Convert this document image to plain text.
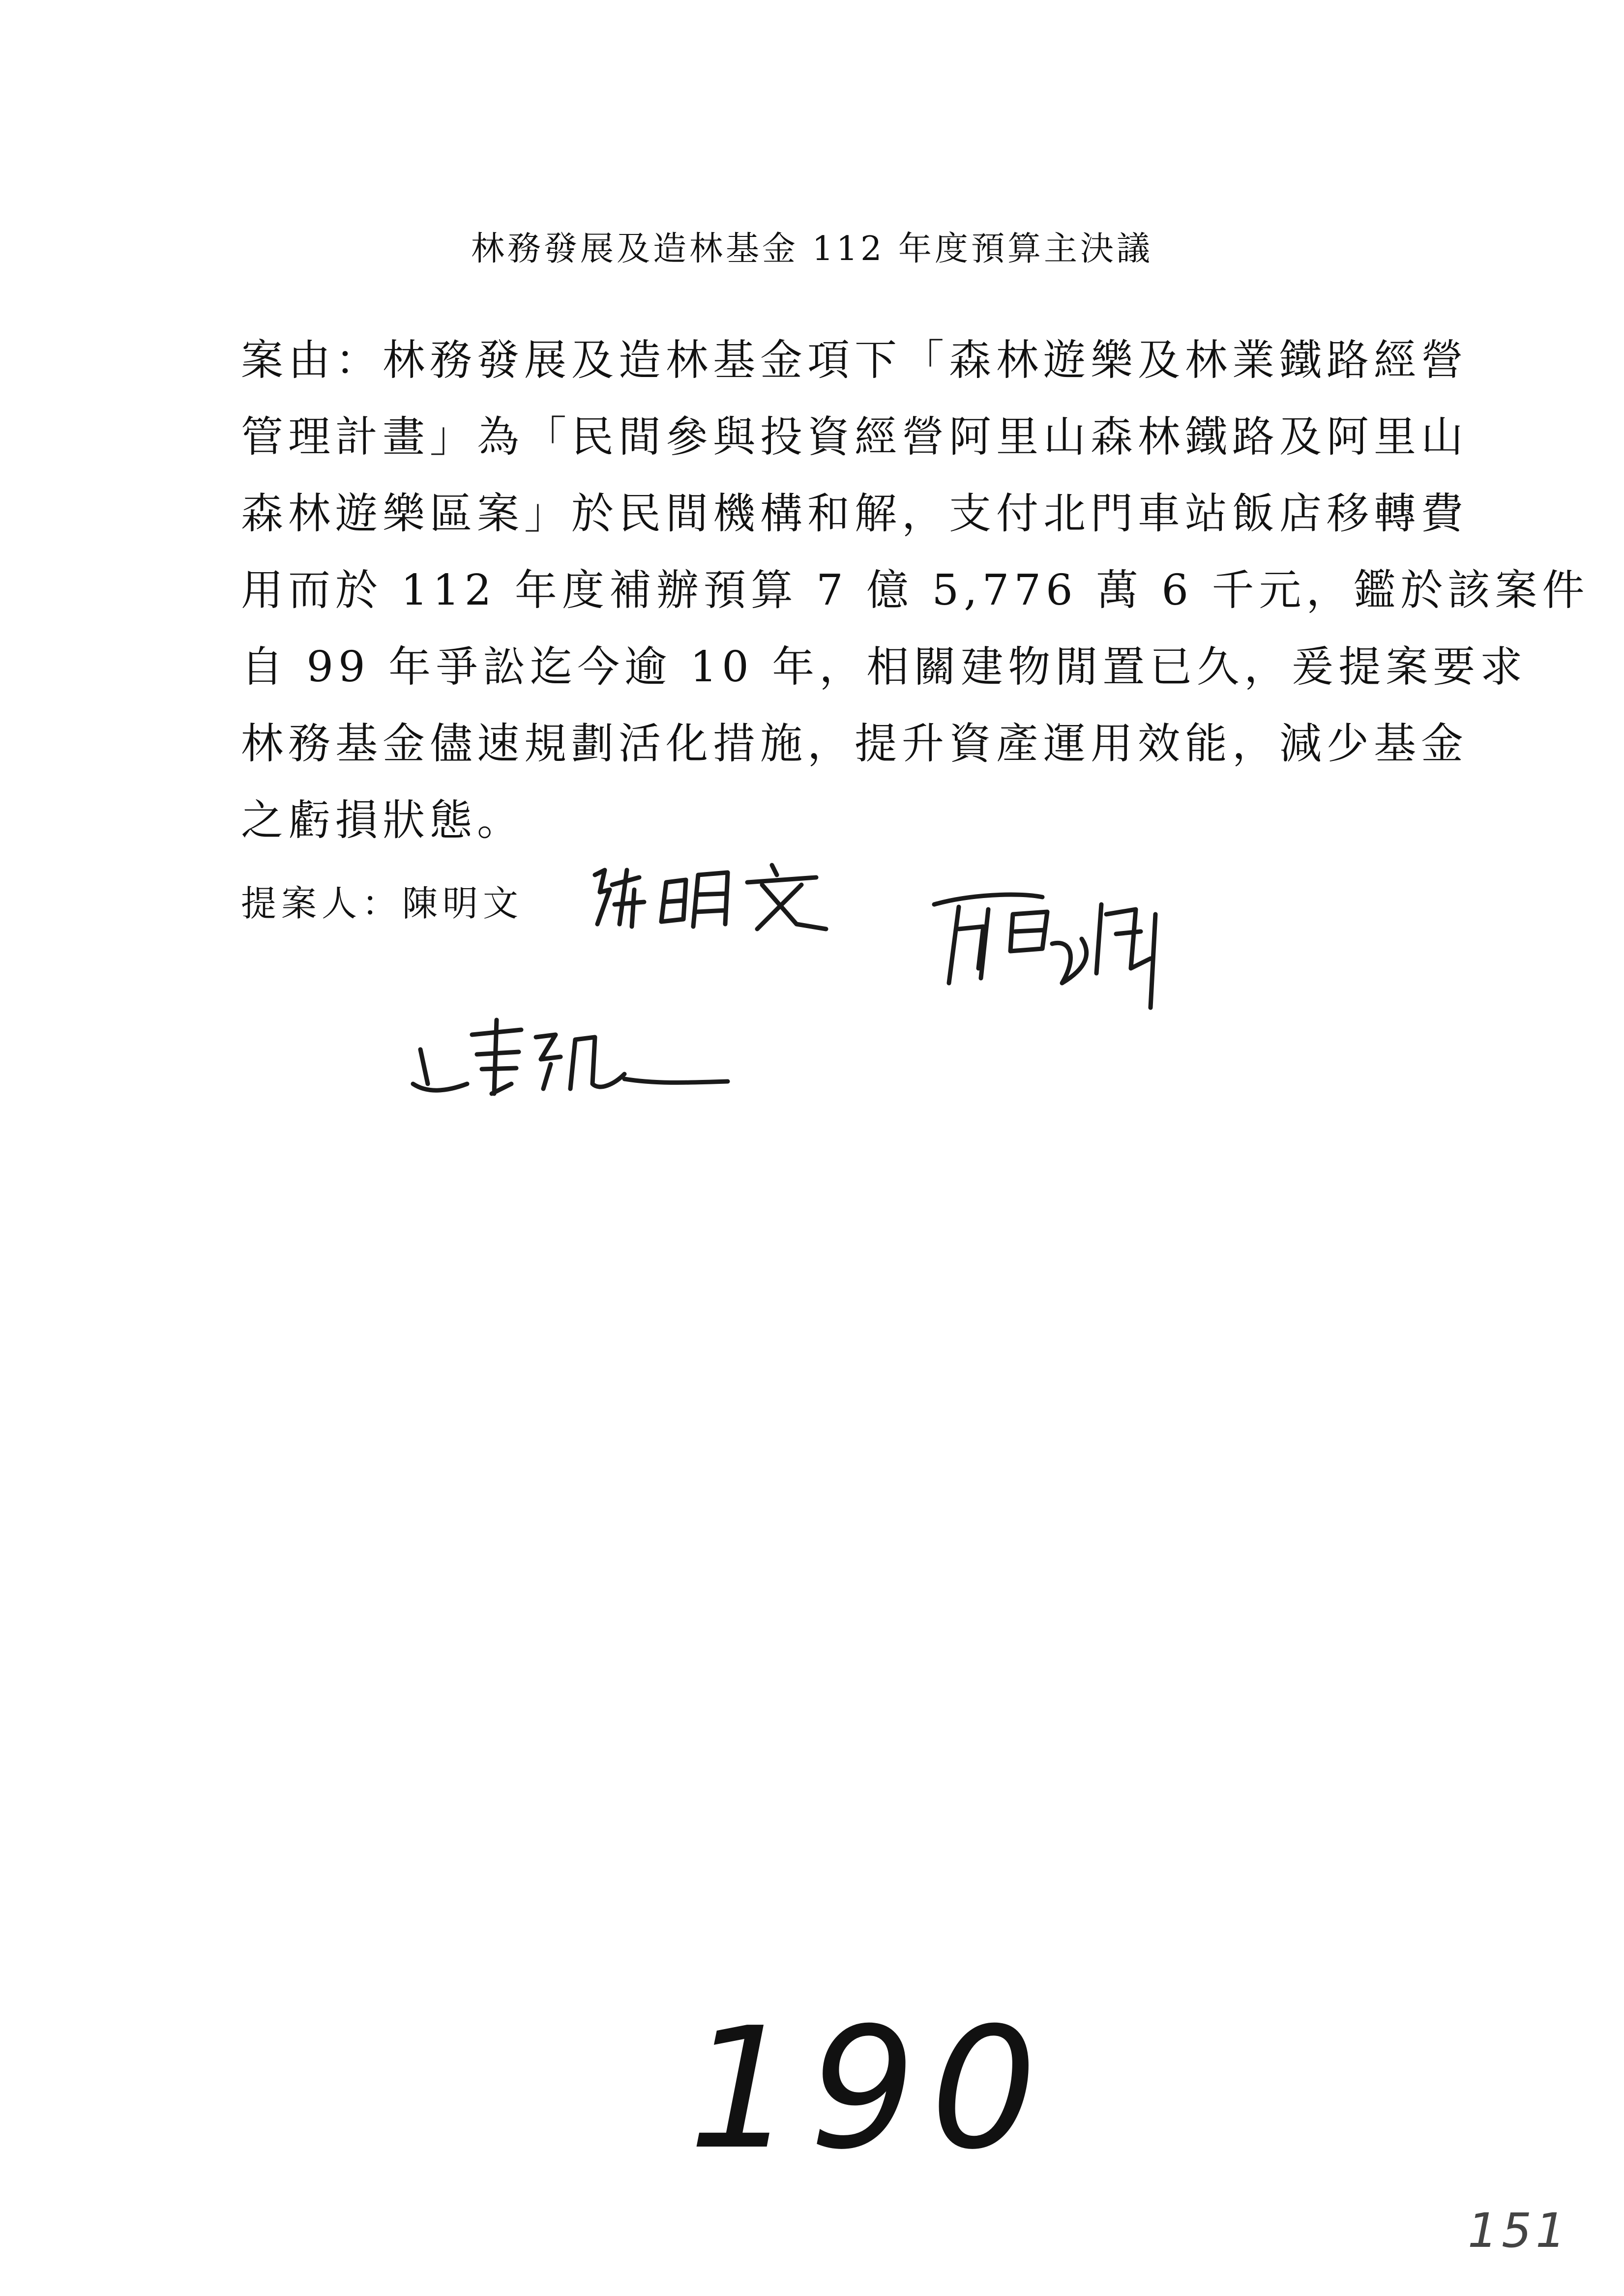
林務發展及造林基金 112 年度預算主決議
案由：林務發展及造林基金項下「森林遊樂及林業鐵路經營
管理計畫」為「民間參與投資經營阿里山森林鐵路及阿里山
森林遊樂區案」於民間機構和解，支付北門車站飯店移轉費
用而於 112 年度補辦預算 7 億 5,776 萬 6 千元，鑑於該案件
自 99 年爭訟迄今逾 10 年，相關建物閒置已久，爰提案要求
林務基金儘速規劃活化措施，提升資產運用效能，減少基金
之虧損狀態。
提案人：陳明文
190
151
